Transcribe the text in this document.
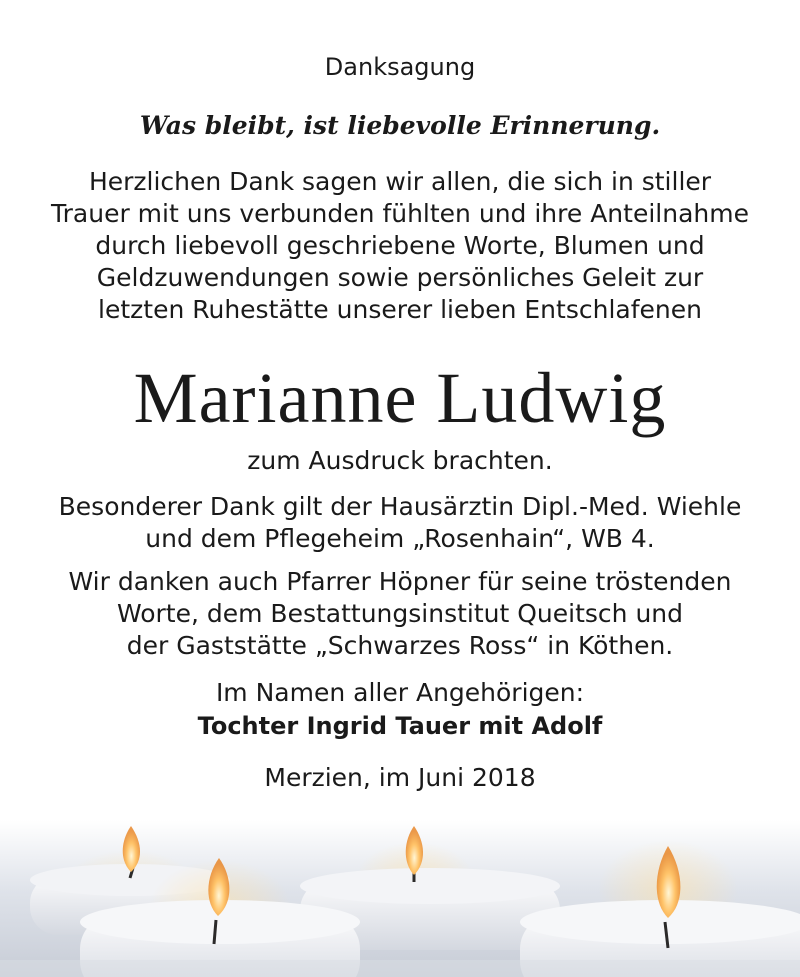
Danksagung
Was bleibt, ist liebevolle Erinnerung.
Herzlichen Dank sagen wir allen, die sich in stiller
Trauer mit uns verbunden fühlten und ihre Anteilnahme
durch liebevoll geschriebene Worte, Blumen und
Geldzuwendungen sowie persönliches Geleit zur
letzten Ruhestätte unserer lieben Entschlafenen
Marianne Ludwig
zum Ausdruck brachten.
Besonderer Dank gilt der Hausärztin Dipl.-Med. Wiehle
und dem Pflegeheim „Rosenhain“, WB 4.
Wir danken auch Pfarrer Höpner für seine tröstenden
Worte, dem Bestattungsinstitut Queitsch und
der Gaststätte „Schwarzes Ross“ in Köthen.
Im Namen aller Angehörigen:
Tochter Ingrid Tauer mit Adolf
Merzien, im Juni 2018
